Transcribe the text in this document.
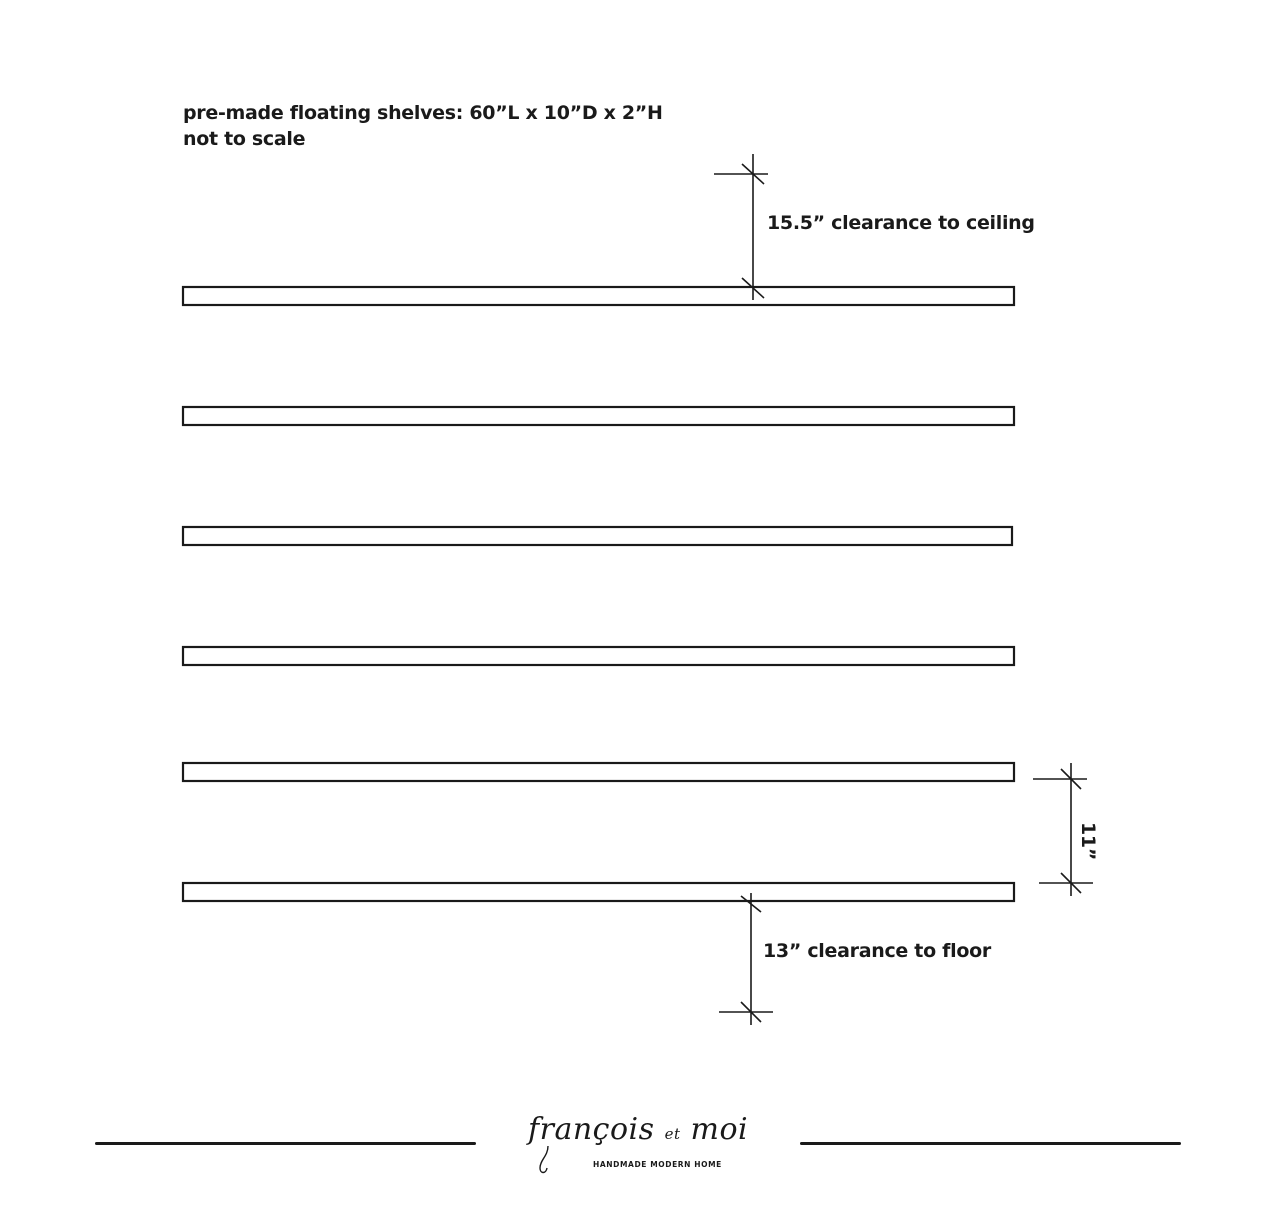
pre-made floating shelves: 60”L x 10”D x 2”H
not to scale
15.5” clearance to ceiling
11”
13” clearance to floor
françois et moi
HANDMADE MODERN HOME
